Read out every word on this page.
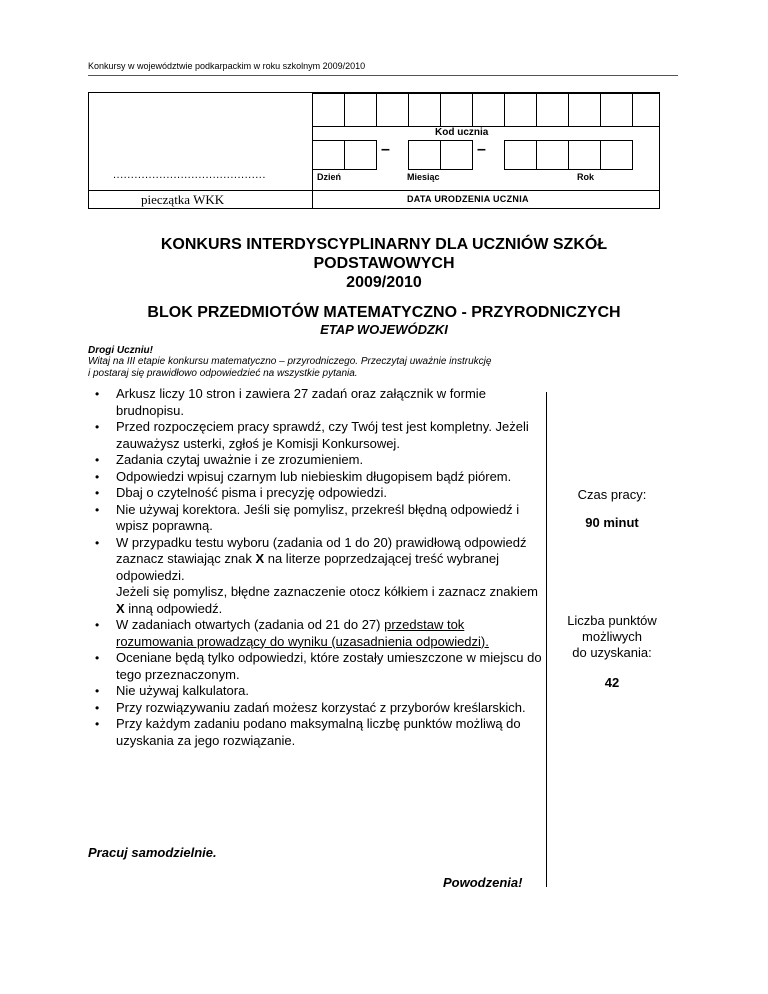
Konkursy w województwie podkarpackim w roku szkolnym 2009/2010
Kod ucznia
–	–
...........................................	Dzień	Miesiąc	Rok
pieczątka WKK	DATA URODZENIA UCZNIA
KONKURS INTERDYSCYPLINARNY DLA UCZNIÓW SZKÓŁ
PODSTAWOWYCH
2009/2010
BLOK PRZEDMIOTÓW MATEMATYCZNO - PRZYRODNICZYCH
ETAP WOJEWÓDZKI
Drogi Uczniu!
Witaj na III etapie konkursu matematyczno – przyrodniczego. Przeczytaj uważnie instrukcję
i postaraj się prawidłowo odpowiedzieć na wszystkie pytania.
• Arkusz liczy 10 stron i zawiera 27 zadań oraz załącznik w formie brudnopisu.
• Przed rozpoczęciem pracy sprawdź, czy Twój test jest kompletny. Jeżeli zauważysz usterki, zgłoś je Komisji Konkursowej.
• Zadania czytaj uważnie i ze zrozumieniem.
• Odpowiedzi wpisuj czarnym lub niebieskim długopisem bądź piórem.
• Dbaj o czytelność pisma i precyzję odpowiedzi.
• Nie używaj korektora. Jeśli się pomylisz, przekreśl błędną odpowiedź i wpisz poprawną.
• W przypadku testu wyboru (zadania od 1 do 20) prawidłową odpowiedź zaznacz stawiając znak X na literze poprzedzającej treść wybranej odpowiedzi.
Jeżeli się pomylisz, błędne zaznaczenie otocz kółkiem i zaznacz znakiem X inną odpowiedź.
• W zadaniach otwartych (zadania od 21 do 27) przedstaw tok rozumowania prowadzący do wyniku (uzasadnienia odpowiedzi).
• Oceniane będą tylko odpowiedzi, które zostały umieszczone w miejscu do tego przeznaczonym.
• Nie używaj kalkulatora.
• Przy rozwiązywaniu zadań możesz korzystać z przyborów kreślarskich.
• Przy każdym zadaniu podano maksymalną liczbę punktów możliwą do uzyskania za jego rozwiązanie.
Czas pracy:
90 minut
Liczba punktów
możliwych
do uzyskania:
42
Pracuj samodzielnie.
Powodzenia!
